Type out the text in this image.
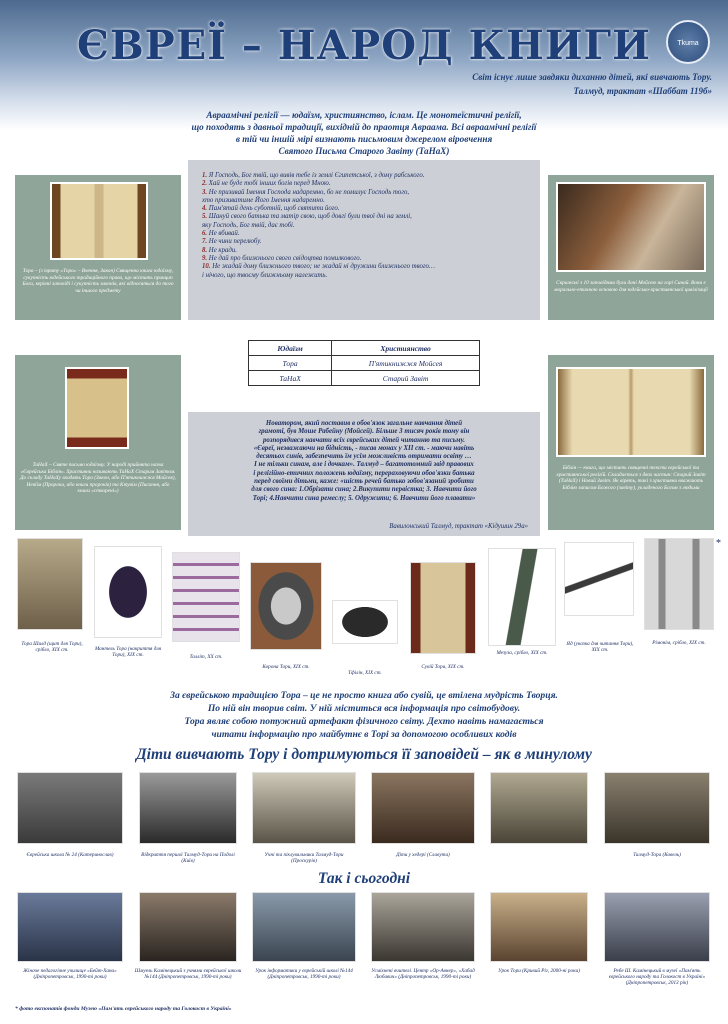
ЄВРЕЇ – НАРОД КНИГИ	Tkuma
Світ існує лише завдяки диханню дітей, які вивчають Тору.
Талмуд, трактат «Шаббат 119б»
Авраамічні релігії — юдаїзм, християнство, іслам. Це монотеїстичні релігії,
що походять з давньої традиції, вихідній до праотця Авраама. Всі авраамічні релігії
в тій чи іншій мірі визнають письмовим джерелом віровчення
Святого Письма Старого Завіту (ТаНаХ)
Тора – (з івриту «Тора» – Вчення, Закон) Священна книга юдаїзму, сукупність юдейського традиційного права, що містить принцип Бога, керівні заповіді і сукупність законів, які відносяться до того чи іншого предмету
Скрижалі з 10 заповідями були дані Мойсею на горі Синай. Вони є морально-етичною основою для юдейсько-християнської цивілізації
1. Я Господь, Бог твій, що вивів тебе із землі Єгипетської, з дому рабського.
2. Хай не буде тобі інших богів перед Мною.
3. Не призивай Імення Господа надаремно, бо не помилує Господь того,
хто призиватиме Його Імення надаремно.
4. Пам'ятай день суботній, щоб святити його.
5. Шануй свого батька та матір свою, щоб довгі були твої дні на землі,
яку Господь, Бог твій, дає тобі.
6. Не вбивай.
7. Не чини перелюбу.
8. Не кради.
9. Не дай про ближнього свого свідоцтва помилкового.
10. Не жадай дому ближнього твого; не жадай ні дружини ближнього твого…
і нічого, що твоєму ближньому належить.
Юдаїзм	Християнство
Тора	П'ятикнижжя Мойсея
ТаНаХ	Старий Завіт
ТаНаХ – Святе письмо юдаїзму. У народі прийнята назва «Єврейська Біблія». Християни називають ТаНаХ Старим Завітом. До складу ТаНаХу входять Тора (Закон, або П'ятикнижжя Мойсея), Невіїм (Пророки, або книги пророків) та Ктувім (Писання, або книги «створені»)
Біблія — книга, що містить священні тексти єврейської та християнської релігій. Складається з двох частин: Старий Завіт (ТаНаХ) і Новий Завіт. Як вірять, такі з християни вважають Біблію записом Божого (завіту), укладеного Богом з людьми
Новатором, який поставив в обов'язок загальне навчання дітей
грамоті, був Моше Рабейну (Мойсей). Більше 3 тисяч років тому він
розпорядився навчати всіх єврейських дітей читанню та письму.
«Євреї, незважаючи на бідність, - писав монах у XII ст. - маючи навіть
десятьох синів, забезпечить їм усім можливість отримати освіту …
I не тільки синам, але і дочкам». Талмуд – багатотомний звід правових
і релігійно-етичних положень юдаїзму, перераховуючи обов'язки батька
перед своїми дітьми, каже: «шість речей батько зобов'язаний зробити
для свого сина: 1.Обрізати сина; 2.Викупити первістка; 3. Навчити його
Торі; 4.Навчити сина ремеслу; 5. Одружити; 6. Навчити його плавати»
Вавилонський Талмуд, трактат «Кідушин 29а»
*
Тора Шилд (щит для Тори), срібло, XIX ст.	Мантель Тора (накриття для Тори), XIX ст.	Талліт, XX ст.
Корона Тори, XIX ст.
Тфілін, XIX ст.
Сувій Тори, XIX ст.
Мезуза, срібло, XIX ст.
Яд (указка для читання Тори), XIX ст.
Рімонім, срібло, XIX ст.
За єврейською традицією Тора – це не просто книга або сувій, це втілена мудрість Творця.
По ній він творив світ. У ній міститься вся інформація про світобудову.
Тора являє собою потужний артефакт фізичного світу. Дехто навіть намагається
читати інформацію про майбутнє в Торі за допомогою особливих кодів
Діти вивчають Тору і дотримуються її заповідей – як в минулому
Єврейська школа № 24 (Катеринослав)	Відкриття першої Талмуд-Тори на Подолі (Київ)
Учні та піклувальники Талмуд-Тори (Проскурів)
Діти у хедері (Славута)	Талмуд-Тора (Ковель)
Так і сьогодні
Жіноче педагогічне училище «Бейт-Хана» (Дніпропетровськ, 1990-ті роки)
Шмуель Камінецький з учнями єврейської школи №144 (Дніпропетровськ, 1990-ті роки)
Урок інформатики у єврейській школі №144 (Дніпропетровськ, 1990-ті роки)
Усміхнені вчителі. Центр «Ор-Авнер», «Хабад Любавич» (Дніпропетровськ, 1990-ті роки)
Урок Тори (Кривий Ріг, 2000-ні роки)	Ребе Ш. Камінецький в музеї «Пам'ять єврейського народу та Голокост в Україні» (Дніпропетровськ, 2013 рік)
* фото експонатів фонди Музею «Пам'ять єврейського народу та Голокост в Україні»
